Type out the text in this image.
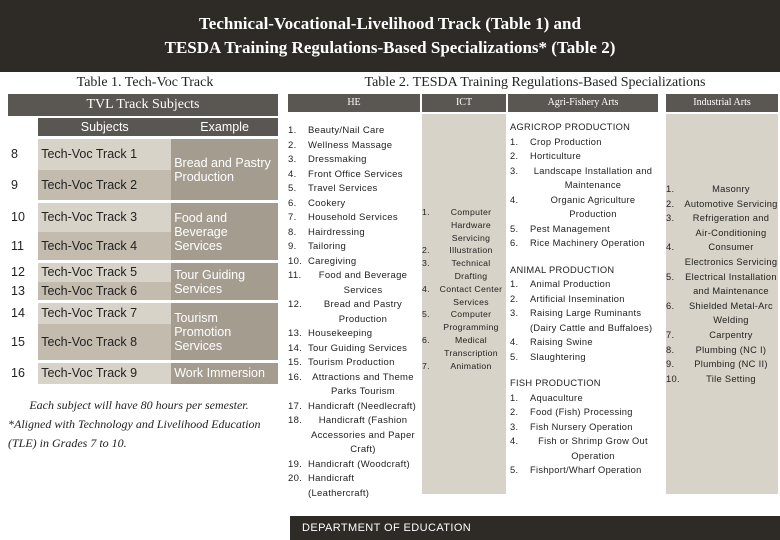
Technical-Vocational-Livelihood Track (Table 1) and
TESDA Training Regulations-Based Specializations* (Table 2)
Table 1. Tech-Voc Track
TVL Track Subjects
	Subjects	Example
8	Tech-Voc Track 1	Bread and Pastry Production
9	Tech-Voc Track 2	
10	Tech-Voc Track 3	Food and Beverage Services
11	Tech-Voc Track 4	
12	Tech-Voc Track 5	Tour Guiding Services
13	Tech-Voc Track 6	
14	Tech-Voc Track 7	Tourism Promotion Services
15	Tech-Voc Track 8	
16	Tech-Voc Track 9	Work Immersion
Each subject will have 80 hours per semester.
*Aligned with Technology and Livelihood Education (TLE) in Grades 7 to 10.
Table 2. TESDA Training Regulations-Based Specializations
HE
1.	Beauty/Nail Care
2.	Wellness Massage
3.	Dressmaking
4.	Front Office Services
5.	Travel Services
6.	Cookery
7.	Household Services
8.	Hairdressing
9.	Tailoring
10. Caregiving
11.	Food and Beverage Services
12.	Bread and Pastry Production
13. Housekeeping
14. Tour Guiding Services
15. Tourism Production
16.	Attractions and Theme Parks Tourism
17. Handicraft (Needlecraft)
18.	Handicraft (Fashion Accessories and Paper Craft)
19. Handicraft (Woodcraft)
20. Handicraft (Leathercraft)
ICT
1.	Computer Hardware Servicing
2.	Illustration
3.	Technical Drafting
4.	Contact Center Services
5.	Computer Programming
6.	Medical Transcription
7.	Animation
Agri-Fishery Arts
AGRICROP PRODUCTION
1.	Crop Production
2.	Horticulture
3.	Landscape Installation and Maintenance
4.	Organic Agriculture Production
5.	Pest Management
6.	Rice Machinery Operation
ANIMAL PRODUCTION
1.	Animal Production
2.	Artificial Insemination
3.	Raising Large Ruminants (Dairy Cattle and Buffaloes)
4.	Raising Swine
5.	Slaughtering
FISH PRODUCTION
1.	Aquaculture
2.	Food (Fish) Processing
3.	Fish Nursery Operation
4.	Fish or Shrimp Grow Out Operation
5.	Fishport/Wharf Operation
Industrial Arts
1.	Masonry
2.	Automotive Servicing
3.	Refrigeration and Air-Conditioning
4.	Consumer Electronics Servicing
5.	Electrical Installation and Maintenance
6.	Shielded Metal-Arc Welding
7.	Carpentry
8.	Plumbing (NC I)
9.	Plumbing (NC II)
10.	Tile Setting
DEPARTMENT OF EDUCATION
